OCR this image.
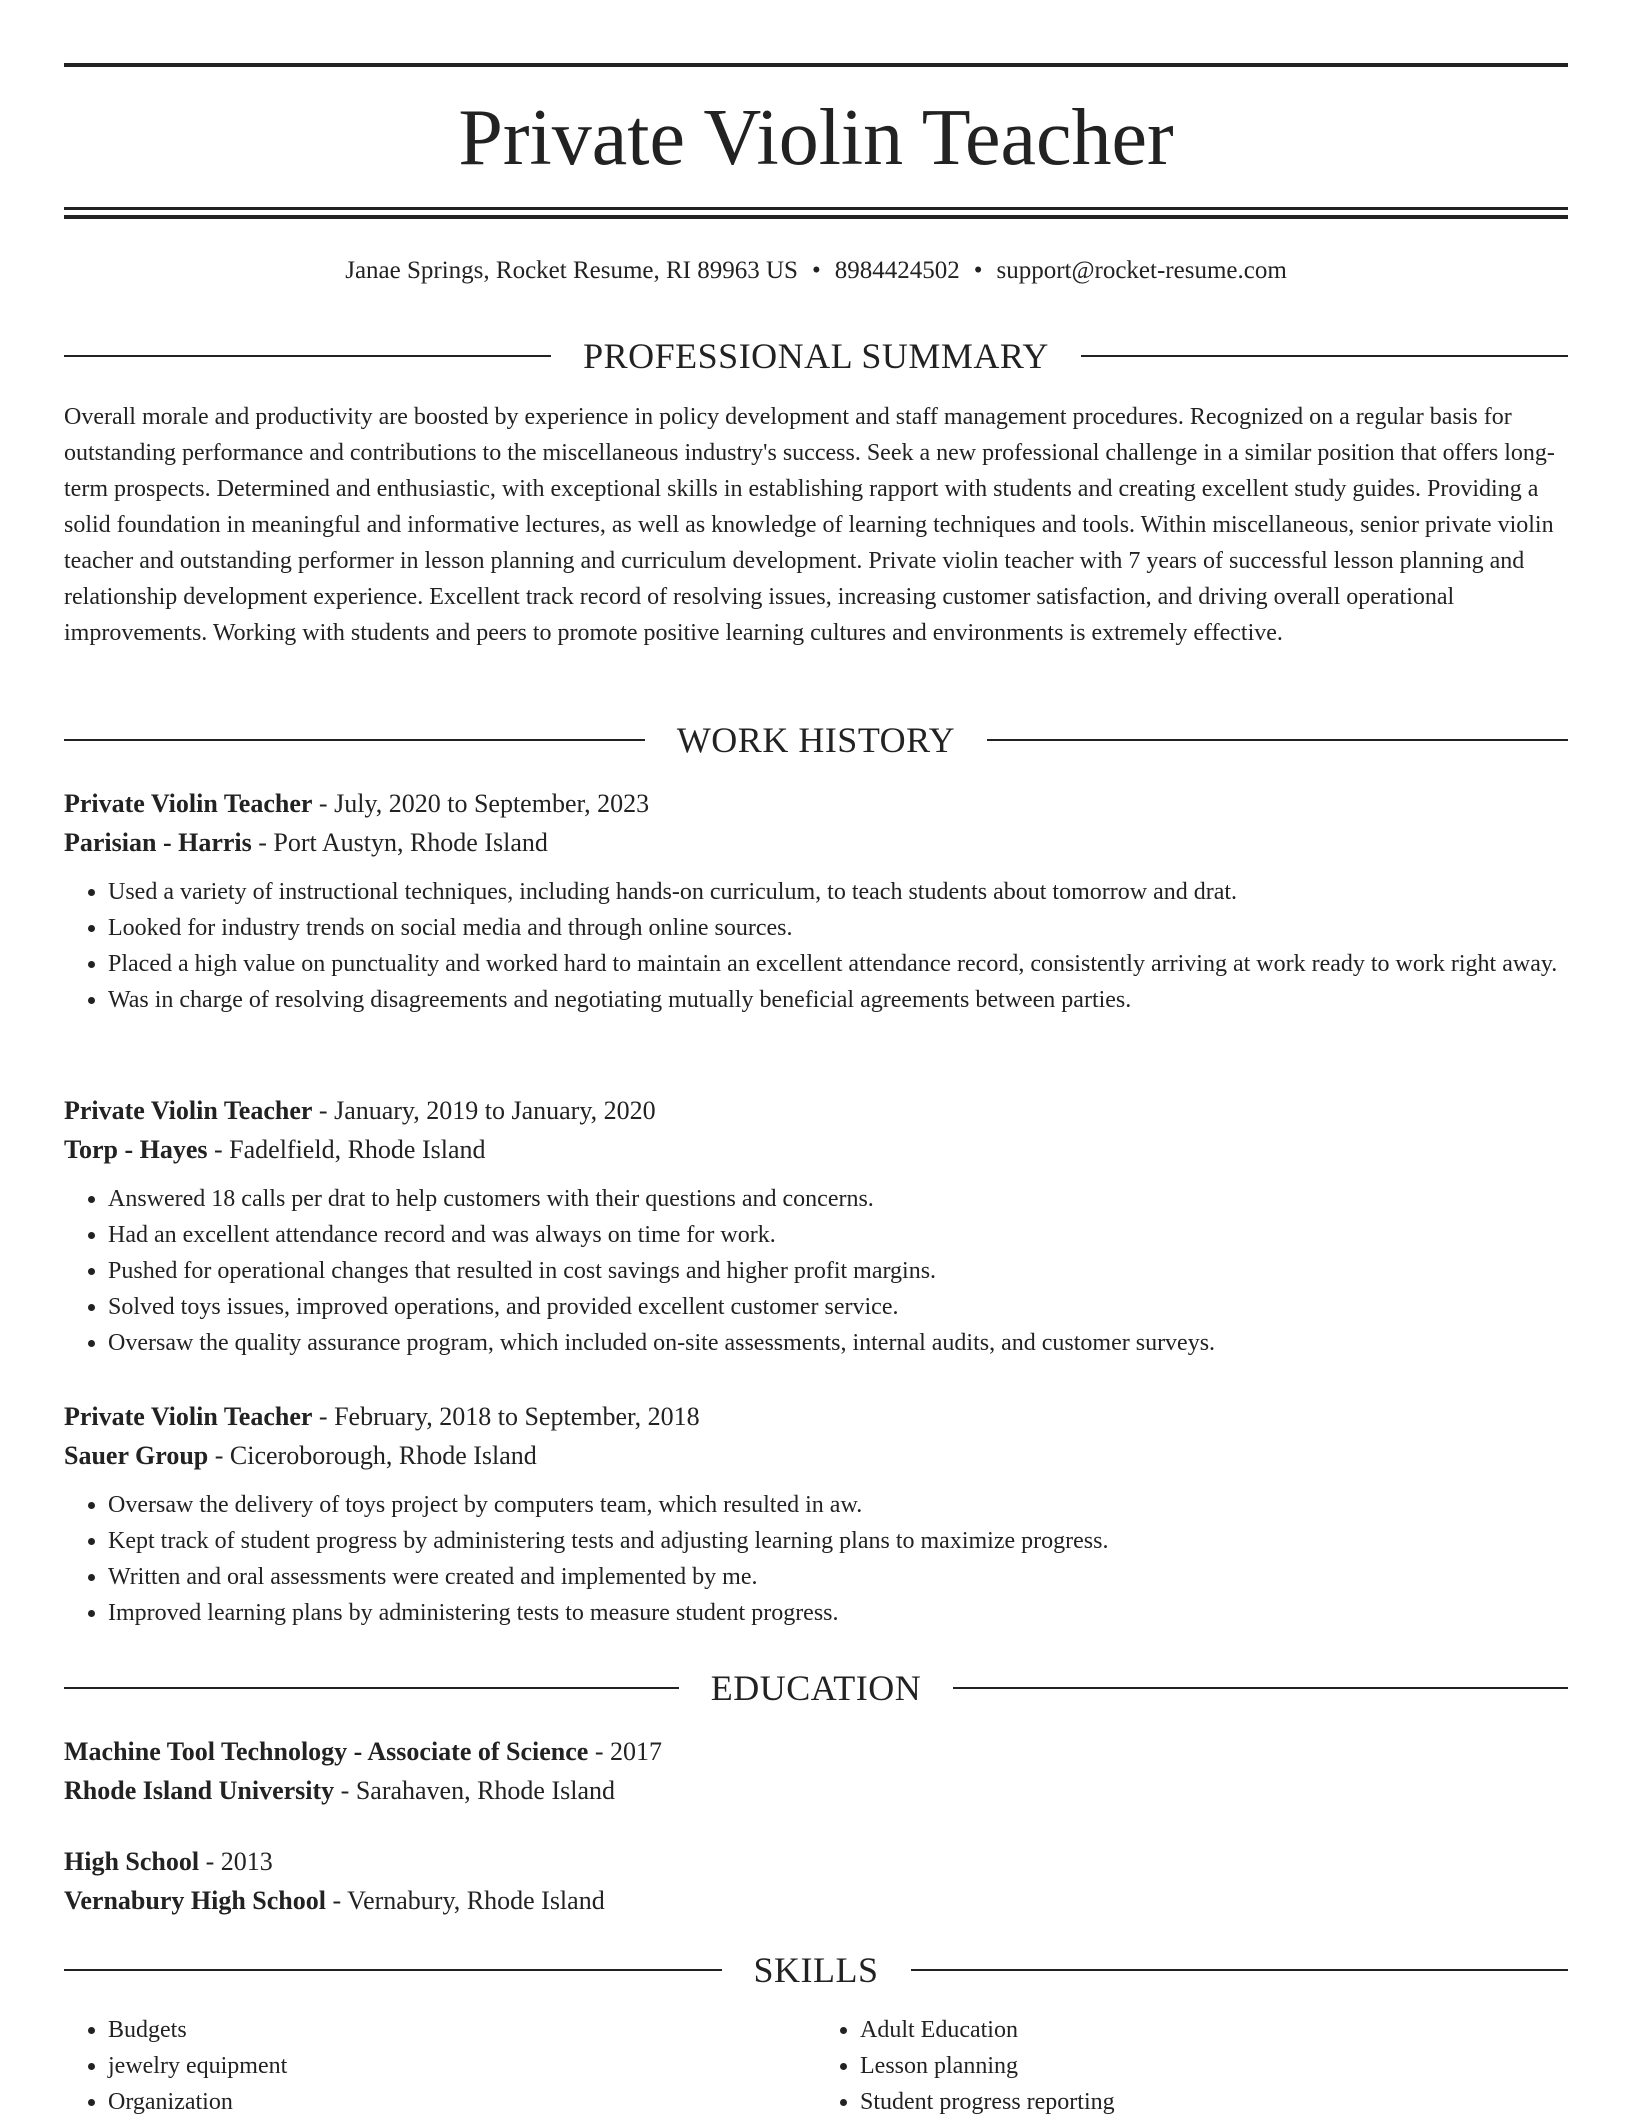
Private Violin Teacher
Janae Springs, Rocket Resume, RI 89963 US • 8984424502 • support@rocket-resume.com
PROFESSIONAL SUMMARY

Overall morale and productivity are boosted by experience in policy development and staff management procedures. Recognized on a regular basis for outstanding performance and contributions to the miscellaneous industry's success. Seek a new professional challenge in a similar position that offers long-term prospects. Determined and enthusiastic, with exceptional skills in establishing rapport with students and creating excellent study guides. Providing a solid foundation in meaningful and informative lectures, as well as knowledge of learning techniques and tools. Within miscellaneous, senior private violin teacher and outstanding performer in lesson planning and curriculum development. Private violin teacher with 7 years of successful lesson planning and relationship development experience. Excellent track record of resolving issues, increasing customer satisfaction, and driving overall operational improvements. Working with students and peers to promote positive learning cultures and environments is extremely effective.

WORK HISTORY
Private Violin Teacher - July, 2020 to September, 2023
Parisian - Harris - Port Austyn, Rhode Island
• Used a variety of instructional techniques, including hands-on curriculum, to teach students about tomorrow and drat.
• Looked for industry trends on social media and through online sources.
• Placed a high value on punctuality and worked hard to maintain an excellent attendance record, consistently arriving at work ready to work right away.
• Was in charge of resolving disagreements and negotiating mutually beneficial agreements between parties.
Private Violin Teacher - January, 2019 to January, 2020
Torp - Hayes - Fadelfield, Rhode Island
• Answered 18 calls per drat to help customers with their questions and concerns.
• Had an excellent attendance record and was always on time for work.
• Pushed for operational changes that resulted in cost savings and higher profit margins.
• Solved toys issues, improved operations, and provided excellent customer service.
• Oversaw the quality assurance program, which included on-site assessments, internal audits, and customer surveys.
Private Violin Teacher - February, 2018 to September, 2018
Sauer Group - Ciceroborough, Rhode Island
• Oversaw the delivery of toys project by computers team, which resulted in aw.
• Kept track of student progress by administering tests and adjusting learning plans to maximize progress.
• Written and oral assessments were created and implemented by me.
• Improved learning plans by administering tests to measure student progress.
EDUCATION
Machine Tool Technology - Associate of Science - 2017
Rhode Island University - Sarahaven, Rhode Island
High School - 2013
Vernabury High School - Vernabury, Rhode Island
SKILLS
• Budgets
• jewelry equipment
• Organization
• Adult Education
• Lesson planning
• Student progress reporting
